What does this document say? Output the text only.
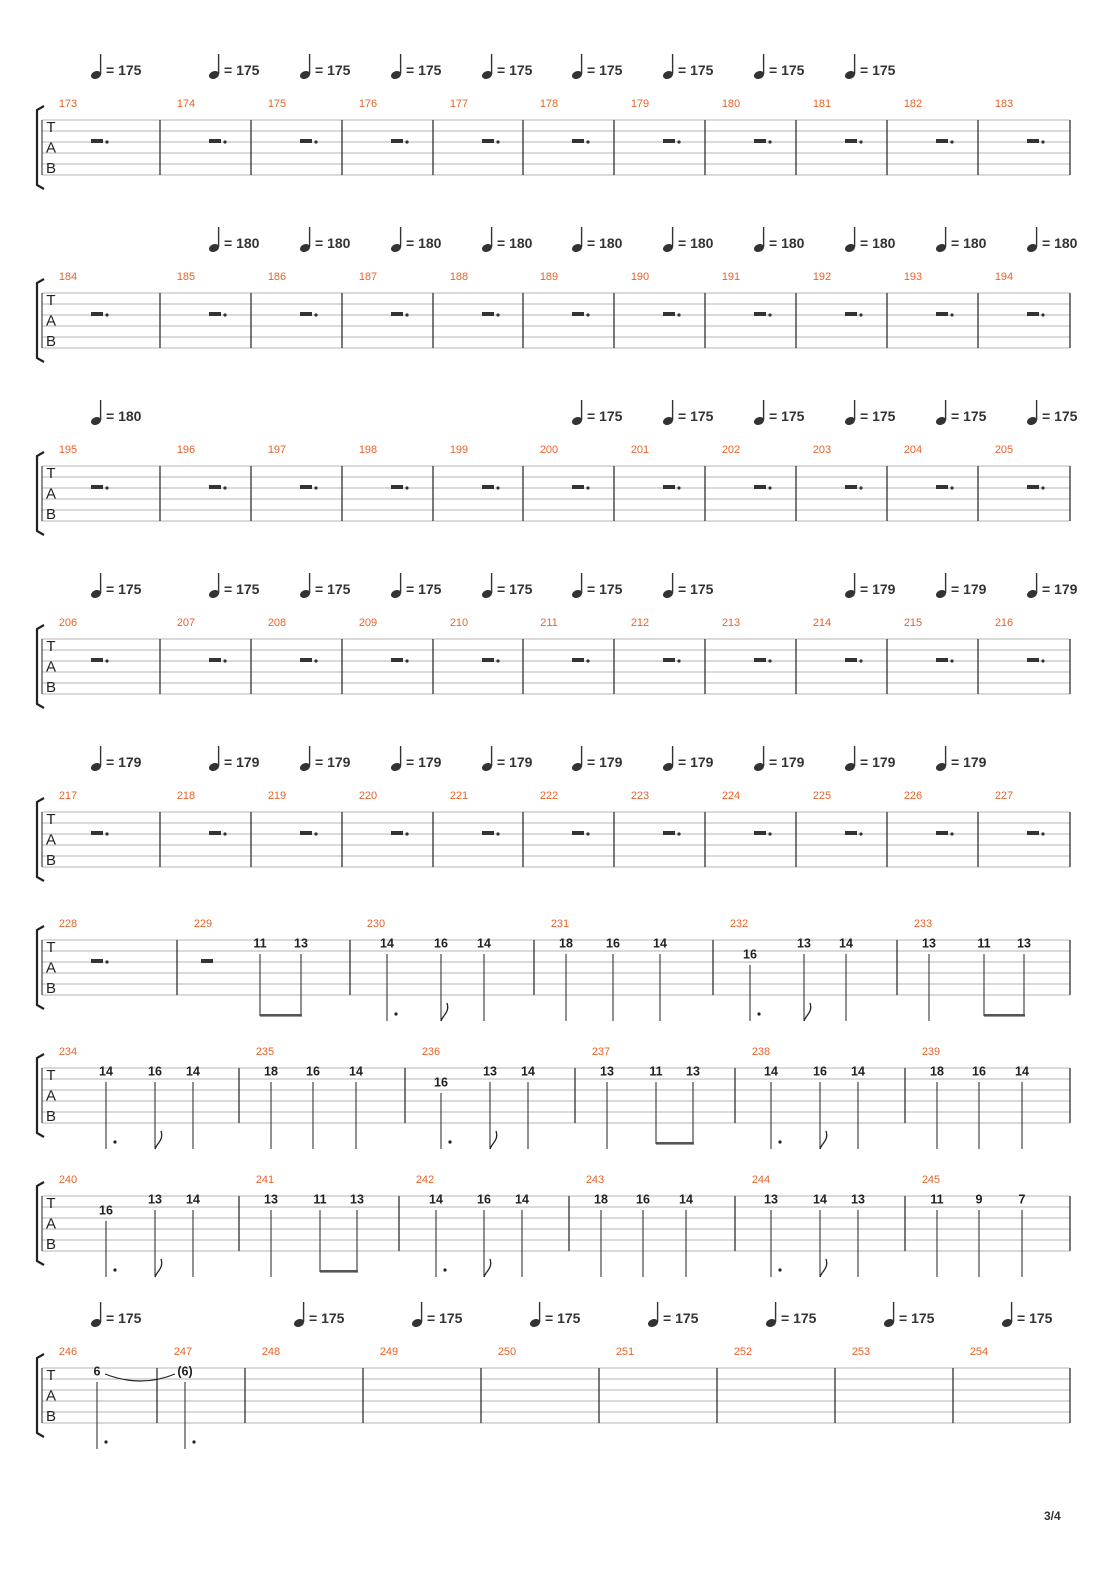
T
A
B
173	174	175	176	177	178	179	180	181	182	183
= 175	= 175	= 175	= 175	= 175	= 175	= 175	= 175	= 175
T
A
B
184	185	186	187	188	189	190	191	192	193	194
= 180	= 180	= 180	= 180	= 180	= 180	= 180	= 180	= 180	= 180
T
A
B
195	196	197	198	199	200	201	202	203	204	205
= 180	= 175	= 175	= 175	= 175	= 175	= 175
T
A
B
206	207	208	209	210	211	212	213	214	215	216
= 175	= 175	= 175	= 175	= 175	= 175	= 175	= 179	= 179	= 179
T
A
B
217	218	219	220	221	222	223	224	225	226	227
= 179	= 179	= 179	= 179	= 179	= 179	= 179	= 179	= 179	= 179
T
A
B
228	229
11 13
230
14	16 14
231
18	16	14
232
16
13 14
233
13	11 13
T
A
B
234
14	16 14
235
18 16 14
236
16
13 14
237
13	11 13
238
14	16 14
239
18 16 14
T
A
B
240
16
13 14
241
13	11 13
242
14	16 14
243
18 16 14
244
13	14 13
245
11	9	7
T
A
B
246
6
247
(6)
248	249	250	251	252	253	254
= 175	= 175	= 175	= 175	= 175	= 175	= 175	= 175
3/4
